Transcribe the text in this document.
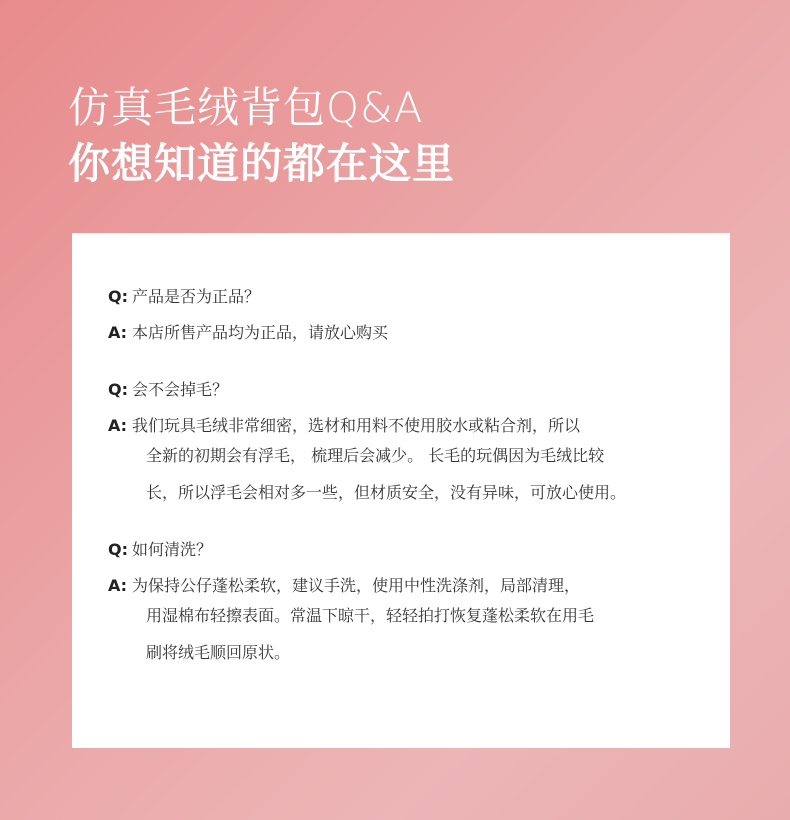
仿真毛绒背包Q&A
你想知道的都在这里
Q: 产品是否为正品？
A: 本店所售产品均为正品，请放心购买
Q: 会不会掉毛？
A: 我们玩具毛绒非常细密，选材和用料不使用胶水或粘合剂，所以
全新的初期会有浮毛， 梳理后会减少。 长毛的玩偶因为毛绒比较
长，所以浮毛会相对多一些，但材质安全，没有异味，可放心使用。
Q: 如何清洗？
A: 为保持公仔蓬松柔软，建议手洗，使用中性洗涤剂，局部清理，
用湿棉布轻擦表面。常温下晾干，轻轻拍打恢复蓬松柔软在用毛
刷将绒毛顺回原状。
